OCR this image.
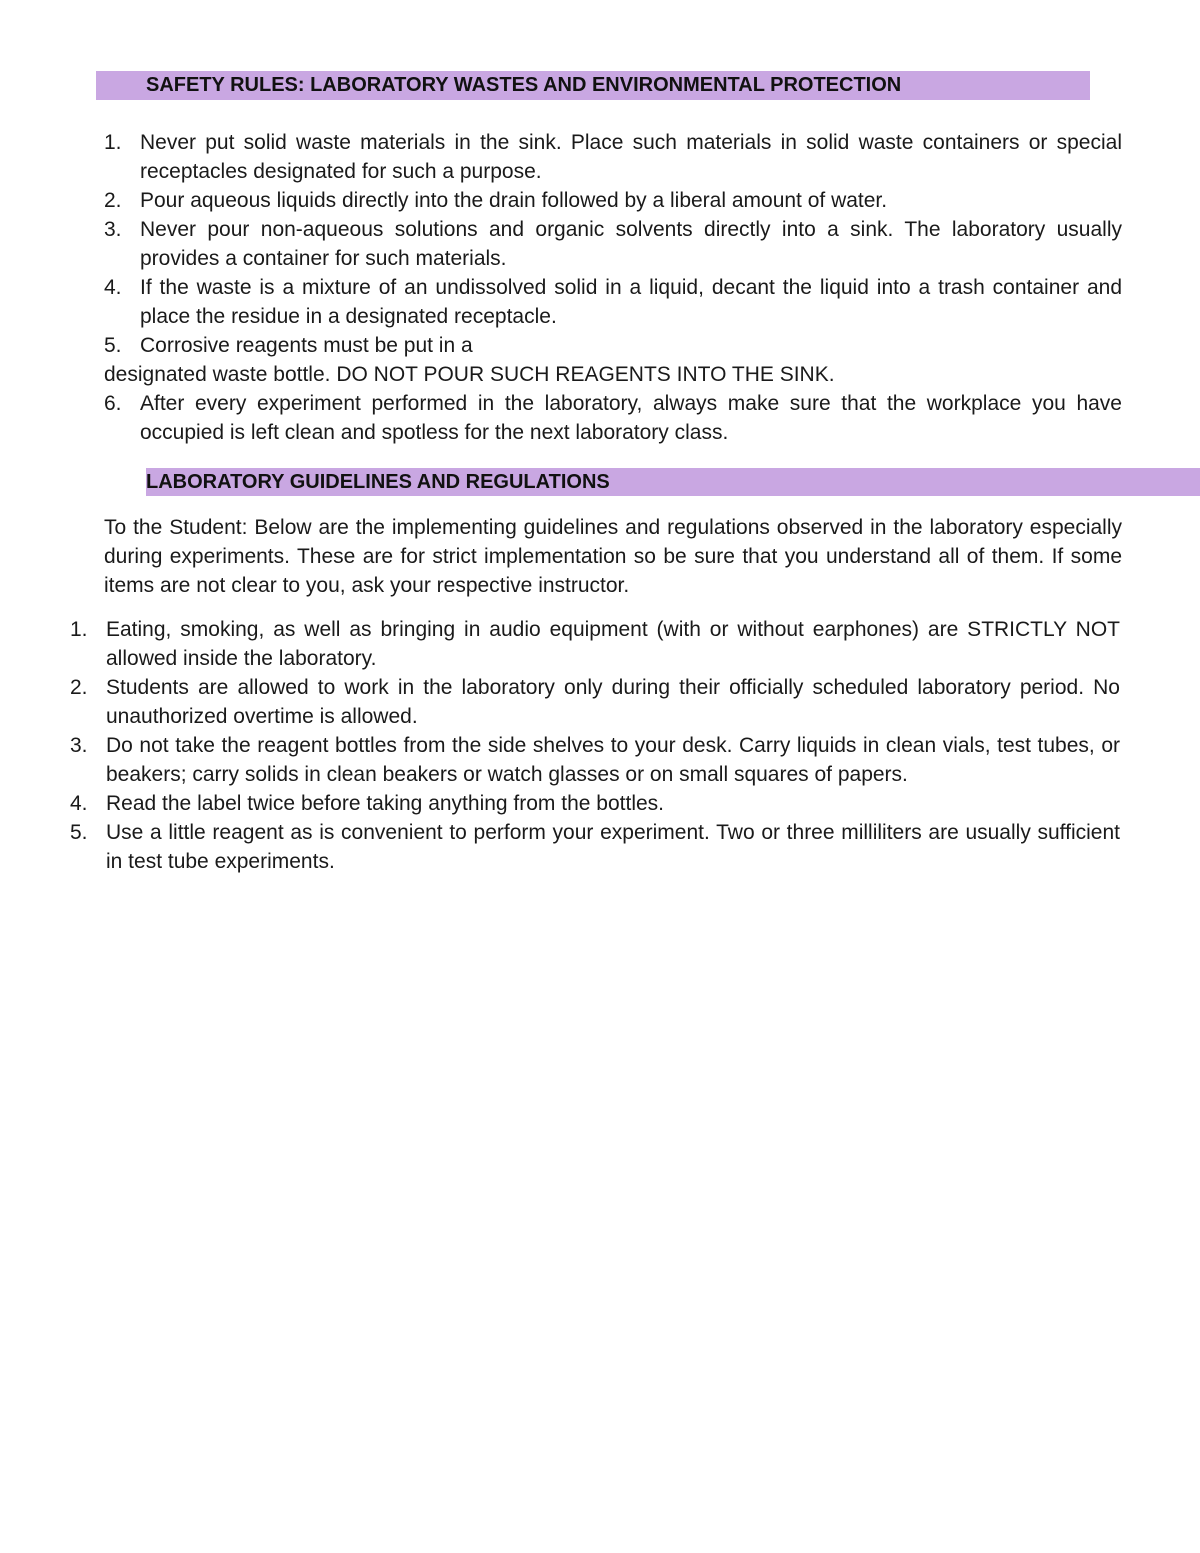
SAFETY RULES: LABORATORY WASTES AND ENVIRONMENTAL PROTECTION
1. Never put solid waste materials in the sink. Place such materials in solid waste containers or special receptacles designated for such a purpose.
2. Pour aqueous liquids directly into the drain followed by a liberal amount of water.
3. Never pour non-aqueous solutions and organic solvents directly into a sink. The laboratory usually provides a container for such materials.
4. If the waste is a mixture of an undissolved solid in a liquid, decant the liquid into a trash container and place the residue in a designated receptacle.
5. Corrosive reagents must be put in a
designated waste bottle. DO NOT POUR SUCH REAGENTS INTO THE SINK.
6. After every experiment performed in the laboratory, always make sure that the workplace you have occupied is left clean and spotless for the next laboratory class.
LABORATORY GUIDELINES AND REGULATIONS

To the Student: Below are the implementing guidelines and regulations observed in the laboratory especially during experiments. These are for strict implementation so be sure that you understand all of them. If some items are not clear to you, ask your respective instructor.

1. Eating, smoking, as well as bringing in audio equipment (with or without earphones) are STRICTLY NOT allowed inside the laboratory.
2. Students are allowed to work in the laboratory only during their officially scheduled laboratory period. No unauthorized overtime is allowed.
3. Do not take the reagent bottles from the side shelves to your desk. Carry liquids in clean vials, test tubes, or beakers; carry solids in clean beakers or watch glasses or on small squares of papers.
4. Read the label twice before taking anything from the bottles.
5. Use a little reagent as is convenient to perform your experiment. Two or three milliliters are usually sufficient in test tube experiments.
